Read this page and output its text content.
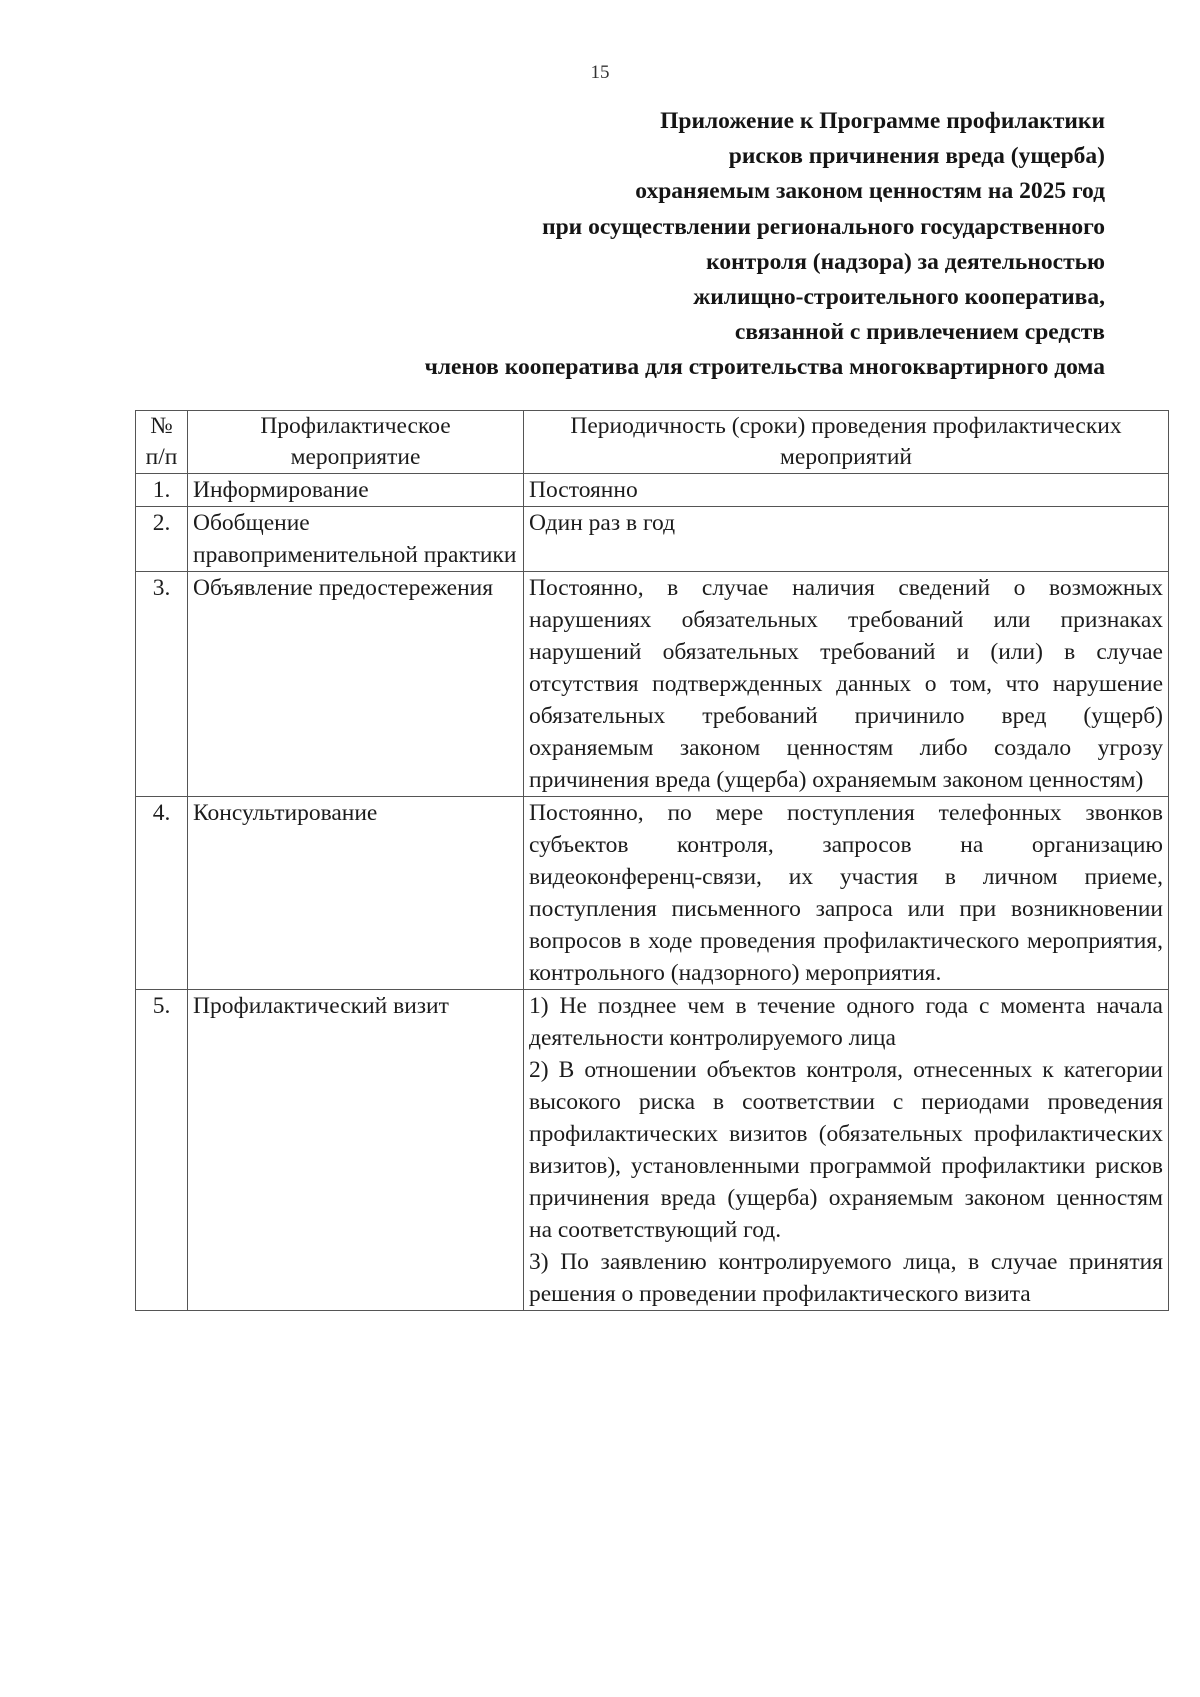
15
Приложение к Программе профилактики
рисков причинения вреда (ущерба)
охраняемым законом ценностям на 2025 год
при осуществлении регионального государственного
контроля (надзора) за деятельностью
жилищно-строительного кооператива,
связанной с привлечением средств
членов кооператива для строительства многоквартирного дома
№ п/п	Профилактическое мероприятие	Периодичность (сроки) проведения профилактических мероприятий
1.	Информирование	Постоянно
2.	Обобщение правоприменительной практики	Один раз в год
3.	Объявление предостережения	Постоянно, в случае наличия сведений о возможных нарушениях обязательных требований или признаках нарушений обязательных требований и (или) в случае отсутствия подтвержденных данных о том, что нарушение обязательных требований причинило вред (ущерб) охраняемым законом ценностям либо создало угрозу причинения вреда (ущерба) охраняемым законом ценностям)
4.	Консультирование	Постоянно, по мере поступления телефонных звонков субъектов контроля, запросов на организацию видеоконференц-связи, их участия в личном приеме, поступления письменного запроса или при возникновении вопросов в ходе проведения профилактического мероприятия, контрольного (надзорного) мероприятия.
5.	Профилактический визит	1) Не позднее чем в течение одного года с момента начала деятельности контролируемого лица
2) В отношении объектов контроля, отнесенных к категории высокого риска в соответствии с периодами проведения профилактических визитов (обязательных профилактических визитов), установленными программой профилактики рисков причинения вреда (ущерба) охраняемым законом ценностям на соответствующий год.
3) По заявлению контролируемого лица, в случае принятия решения о проведении профилактического визита
